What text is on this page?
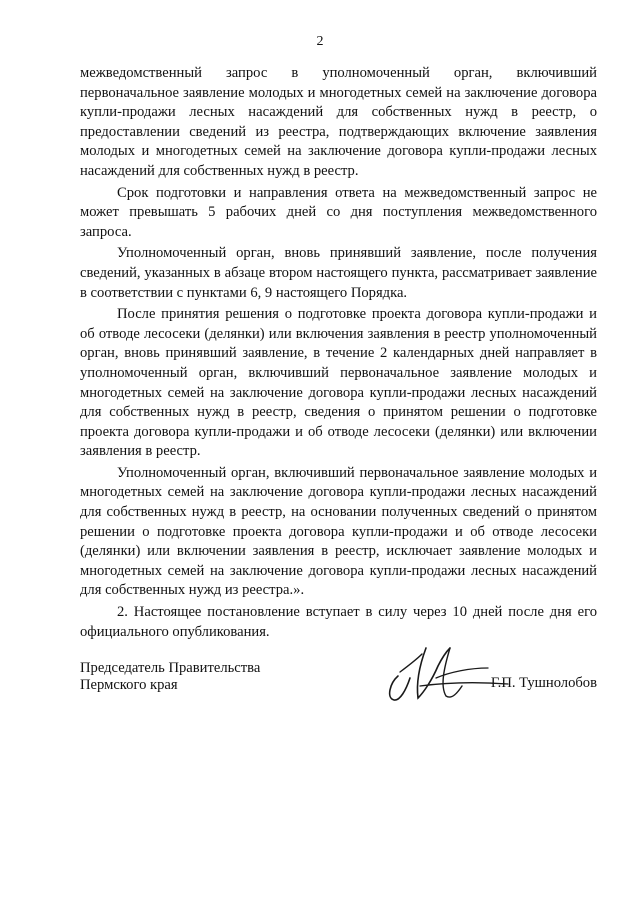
2

межведомственный запрос в уполномоченный орган, включивший первоначальное заявление молодых и многодетных семей на заключение договора купли-продажи лесных насаждений для собственных нужд в реестр, о предоставлении сведений из реестра, подтверждающих включение заявления молодых и многодетных семей на заключение договора купли-продажи лесных насаждений для собственных нужд в реестр.

Срок подготовки и направления ответа на межведомственный запрос не может превышать 5 рабочих дней со дня поступления межведомственного запроса.

Уполномоченный орган, вновь принявший заявление, после получения сведений, указанных в абзаце втором настоящего пункта, рассматривает заявление в соответствии с пунктами 6, 9 настоящего Порядка.

После принятия решения о подготовке проекта договора купли-продажи и об отводе лесосеки (делянки) или включения заявления в реестр уполномоченный орган, вновь принявший заявление, в течение 2 календарных дней направляет в уполномоченный орган, включивший первоначальное заявление молодых и многодетных семей на заключение договора купли-продажи лесных насаждений для собственных нужд в реестр, сведения о принятом решении о подготовке проекта договора купли-продажи и об отводе лесосеки (делянки) или включении заявления в реестр.

Уполномоченный орган, включивший первоначальное заявление молодых и многодетных семей на заключение договора купли-продажи лесных насаждений для собственных нужд в реестр, на основании полученных сведений о принятом решении о подготовке проекта договора купли-продажи и об отводе лесосеки (делянки) или включении заявления в реестр, исключает заявление молодых и многодетных семей на заключение договора купли-продажи лесных насаждений для собственных нужд из реестра.».

2. Настоящее постановление вступает в силу через 10 дней после дня его официального опубликования.

Председатель Правительства
Пермского края	Г.П. Тушнолобов
